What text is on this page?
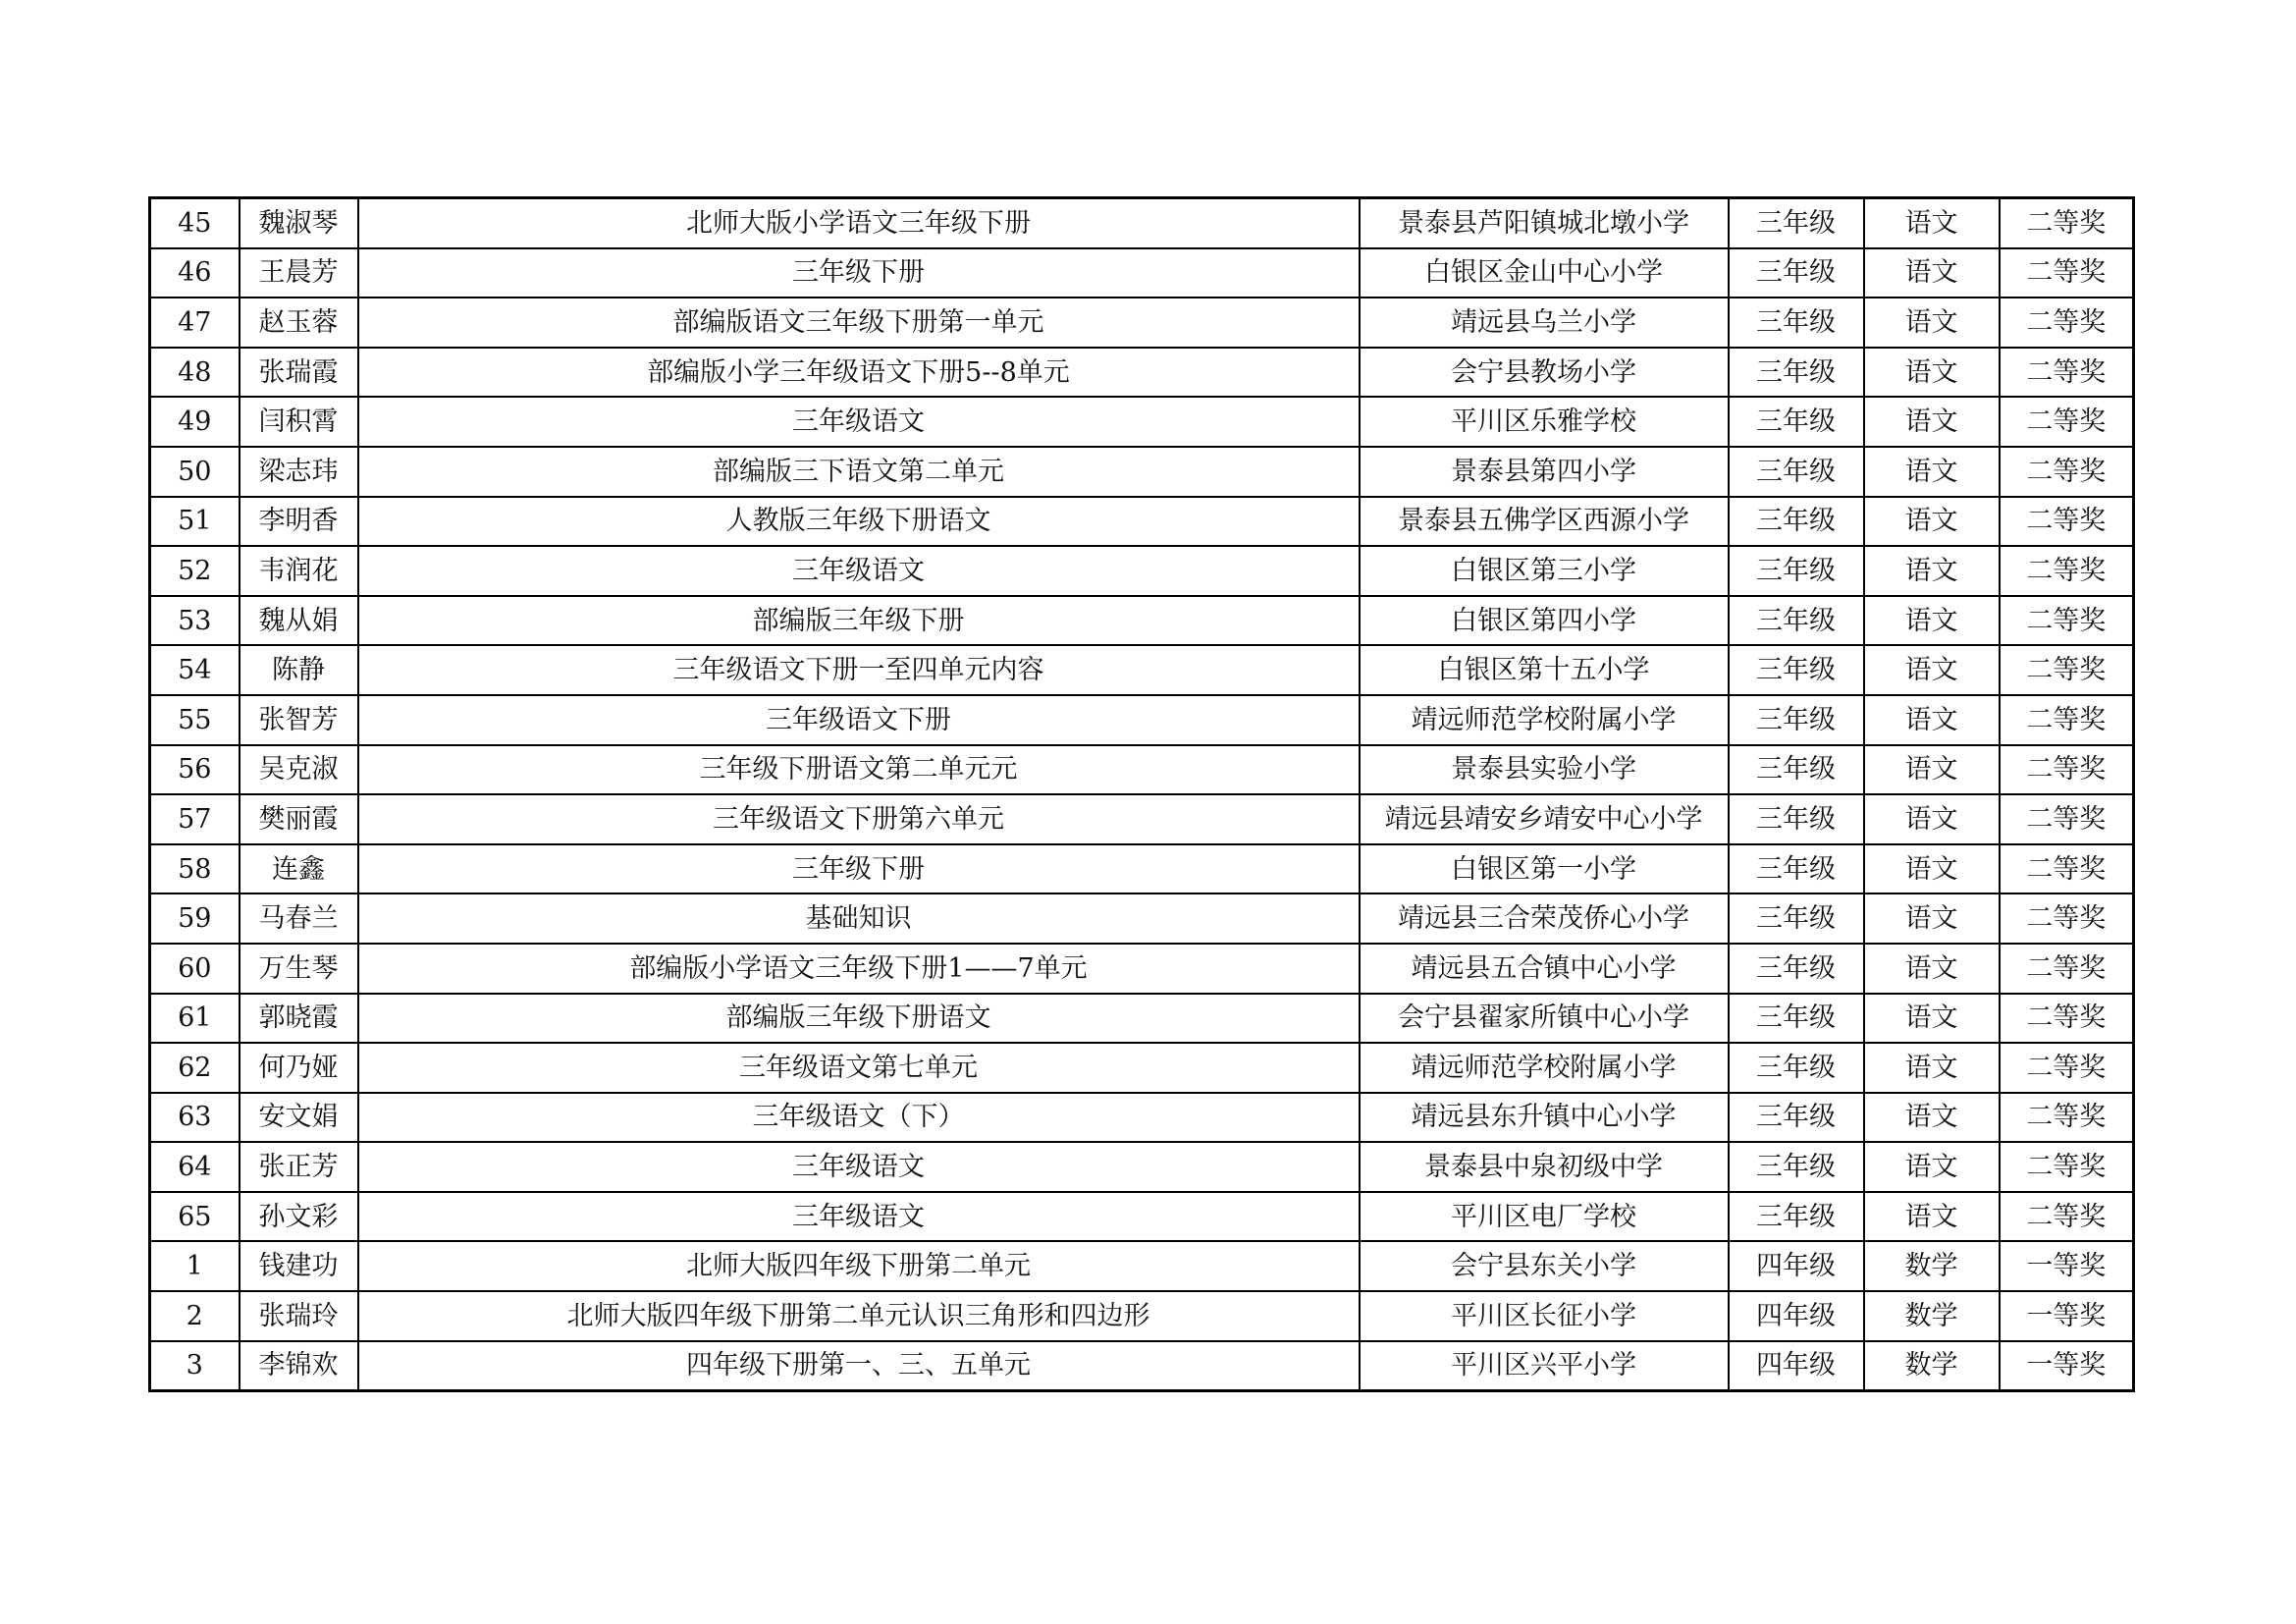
45	魏淑琴	北师大版小学语文三年级下册	景泰县芦阳镇城北墩小学	三年级	语文	二等奖
46	王晨芳	三年级下册	白银区金山中心小学	三年级	语文	二等奖
47	赵玉蓉	部编版语文三年级下册第一单元	靖远县乌兰小学	三年级	语文	二等奖
48	张瑞霞	部编版小学三年级语文下册5--8单元	会宁县教场小学	三年级	语文	二等奖
49	闫积霄	三年级语文	平川区乐雅学校	三年级	语文	二等奖
50	梁志玮	部编版三下语文第二单元	景泰县第四小学	三年级	语文	二等奖
51	李明香	人教版三年级下册语文	景泰县五佛学区西源小学	三年级	语文	二等奖
52	韦润花	三年级语文	白银区第三小学	三年级	语文	二等奖
53	魏从娟	部编版三年级下册	白银区第四小学	三年级	语文	二等奖
54	陈静	三年级语文下册一至四单元内容	白银区第十五小学	三年级	语文	二等奖
55	张智芳	三年级语文下册	靖远师范学校附属小学	三年级	语文	二等奖
56	吴克淑	三年级下册语文第二单元元	景泰县实验小学	三年级	语文	二等奖
57	樊丽霞	三年级语文下册第六单元	靖远县靖安乡靖安中心小学	三年级	语文	二等奖
58	连鑫	三年级下册	白银区第一小学	三年级	语文	二等奖
59	马春兰	基础知识	靖远县三合荣茂侨心小学	三年级	语文	二等奖
60	万生琴	部编版小学语文三年级下册1——7单元	靖远县五合镇中心小学	三年级	语文	二等奖
61	郭晓霞	部编版三年级下册语文	会宁县翟家所镇中心小学	三年级	语文	二等奖
62	何乃娅	三年级语文第七单元	靖远师范学校附属小学	三年级	语文	二等奖
63	安文娟	三年级语文（下）	靖远县东升镇中心小学	三年级	语文	二等奖
64	张正芳	三年级语文	景泰县中泉初级中学	三年级	语文	二等奖
65	孙文彩	三年级语文	平川区电厂学校	三年级	语文	二等奖
1	钱建功	北师大版四年级下册第二单元	会宁县东关小学	四年级	数学	一等奖
2	张瑞玲	北师大版四年级下册第二单元认识三角形和四边形	平川区长征小学	四年级	数学	一等奖
3	李锦欢	四年级下册第一、三、五单元	平川区兴平小学	四年级	数学	一等奖
